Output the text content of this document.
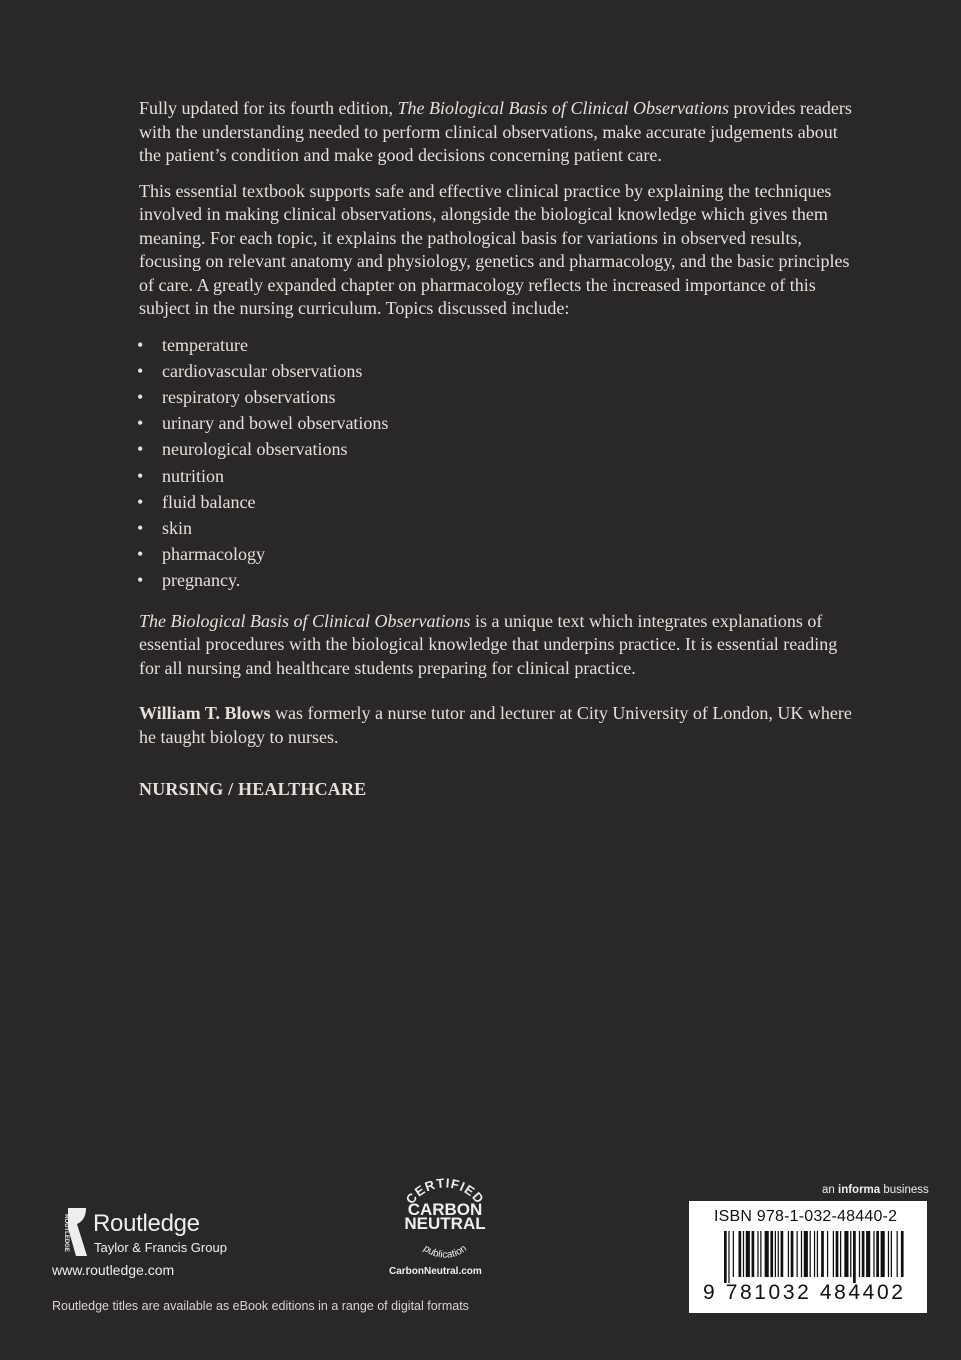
Fully updated for its fourth edition, The Biological Basis of Clinical Observations provides readers with the understanding needed to perform clinical observations, make accurate judgements about the patient’s condition and make good decisions concerning patient care.

This essential textbook supports safe and effective clinical practice by explaining the techniques involved in making clinical observations, alongside the biological knowledge which gives them meaning. For each topic, it explains the pathological basis for variations in observed results, focusing on relevant anatomy and physiology, genetics and pharmacology, and the basic principles of care. A greatly expanded chapter on pharmacology reflects the increased importance of this subject in the nursing curriculum. Topics discussed include:

• temperature
• cardiovascular observations
• respiratory observations
• urinary and bowel observations
• neurological observations
• nutrition
• fluid balance
• skin
• pharmacology
• pregnancy.

The Biological Basis of Clinical Observations is a unique text which integrates explanations of essential procedures with the biological knowledge that underpins practice. It is essential reading for all nursing and healthcare students preparing for clinical practice.

William T. Blows was formerly a nurse tutor and lecturer at City University of London, UK where he taught biology to nurses.

NURSING / HEALTHCARE

ROUTLEDGE Routledge
Taylor & Francis Group
www.routledge.com
Routledge titles are available as eBook editions in a range of digital formats
CERTIFIED
CARBON
NEUTRAL
publication
CarbonNeutral.com
an informa business
ISBN 978-1-032-48440-2
9 781032 484402
